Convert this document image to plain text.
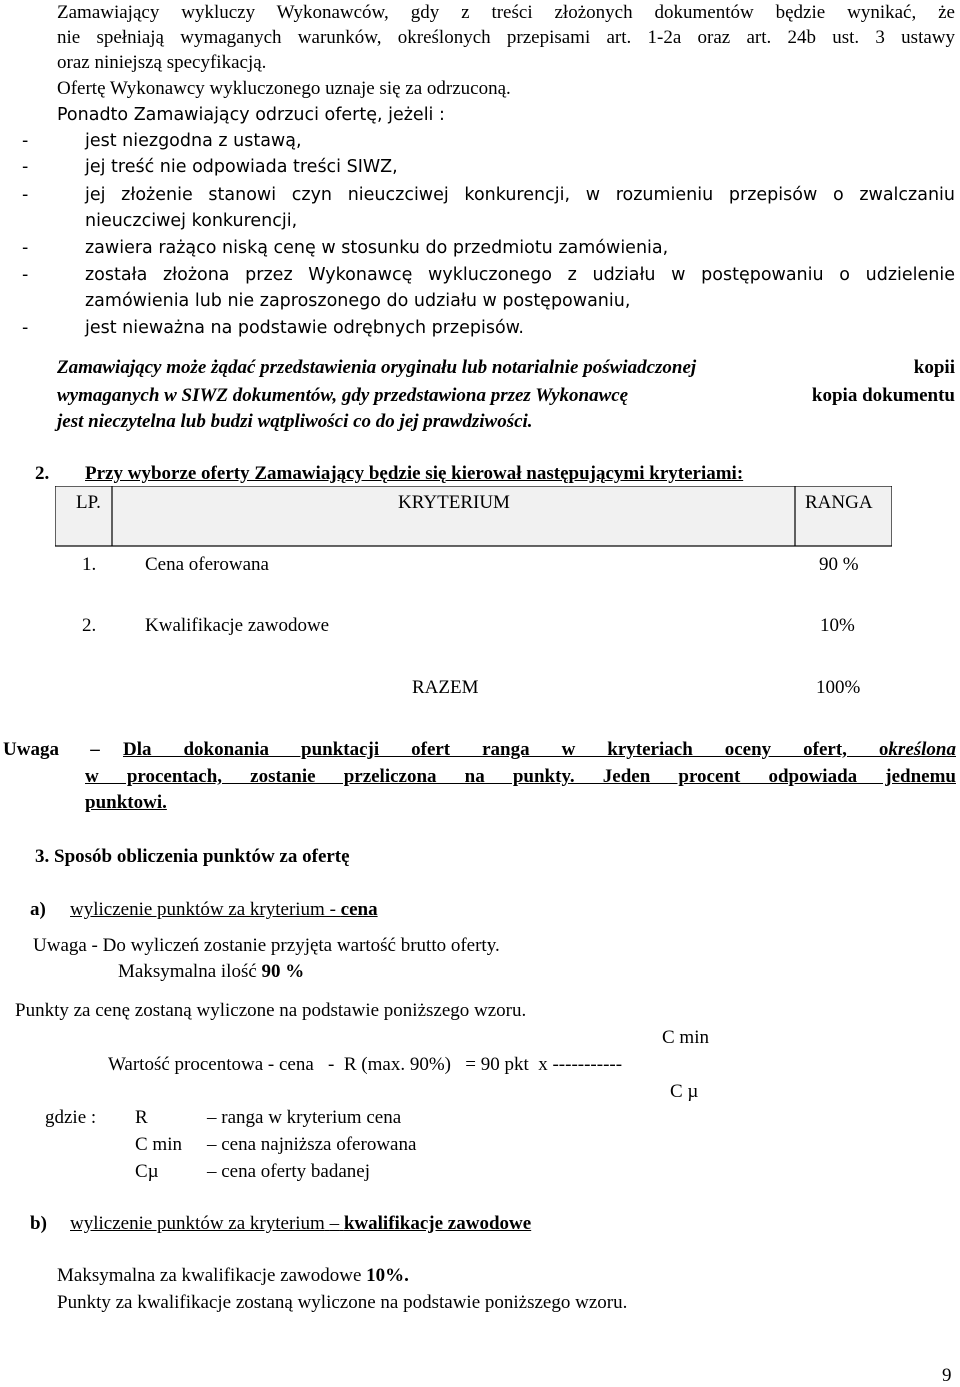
Zamawiający wykluczy Wykonawców, gdy z treści złożonych dokumentów będzie wynikać, że
nie spełniają wymaganych warunków, określonych przepisami art. 1-2a oraz art. 24b ust. 3 ustawy
oraz niniejszą specyfikacją.
Ofertę Wykonawcy wykluczonego uznaje się za odrzuconą.
Ponadto Zamawiający odrzuci ofertę, jeżeli :
-	jest niezgodna z ustawą,
-	jej treść nie odpowiada treści SIWZ,
-	jej złożenie stanowi czyn nieuczciwej konkurencji, w rozumieniu przepisów o zwalczaniu
nieuczciwej konkurencji,
-	zawiera rażąco niską cenę w stosunku do przedmiotu zamówienia,
-	została złożona przez Wykonawcę wykluczonego z udziału w postępowaniu o udzielenie
zamówienia lub nie zaproszonego do udziału w postępowaniu,
-	jest nieważna na podstawie odrębnych przepisów.
Zamawiający może żądać przedstawienia oryginału lub notarialnie poświadczonej	kopii
wymaganych w SIWZ dokumentów, gdy przedstawiona przez Wykonawcę	kopia dokumentu
jest nieczytelna lub budzi wątpliwości co do jej prawdziwości.
2. Przy wyborze oferty Zamawiający będzie się kierował następującymi kryteriami:
LP.	KRYTERIUM	RANGA
1.	Cena oferowana	90 %
2.	Kwalifikacje zawodowe	10%
RAZEM	100%
Uwaga	–	Dla dokonania punktacji ofert ranga w kryteriach oceny ofert, o kreślona
w procentach, zostanie przeliczona na punkty. Jeden procent odpowiada jednemu
punktowi.
3. Sposób obliczenia punktów za ofertę
a) wyliczenie punktów za kryterium - cena
Uwaga - Do wyliczeń zostanie przyjęta wartość brutto oferty.
Maksymalna ilość 90 %
Punkty za cenę zostaną wyliczone na podstawie poniższego wzoru.
C min
Wartość procentowa - cena   -  R (max. 90%)   = 90 pkt  x -----------
C µ
gdzie : R	– ranga w kryterium cena
C min – cena najniższa oferowana
Cµ	– cena oferty badanej
b) wyliczenie punktów za kryterium – kwalifikacje zawodowe
Maksymalna za kwalifikacje zawodowe 10%.
Punkty za kwalifikacje zostaną wyliczone na podstawie poniższego wzoru.
9
